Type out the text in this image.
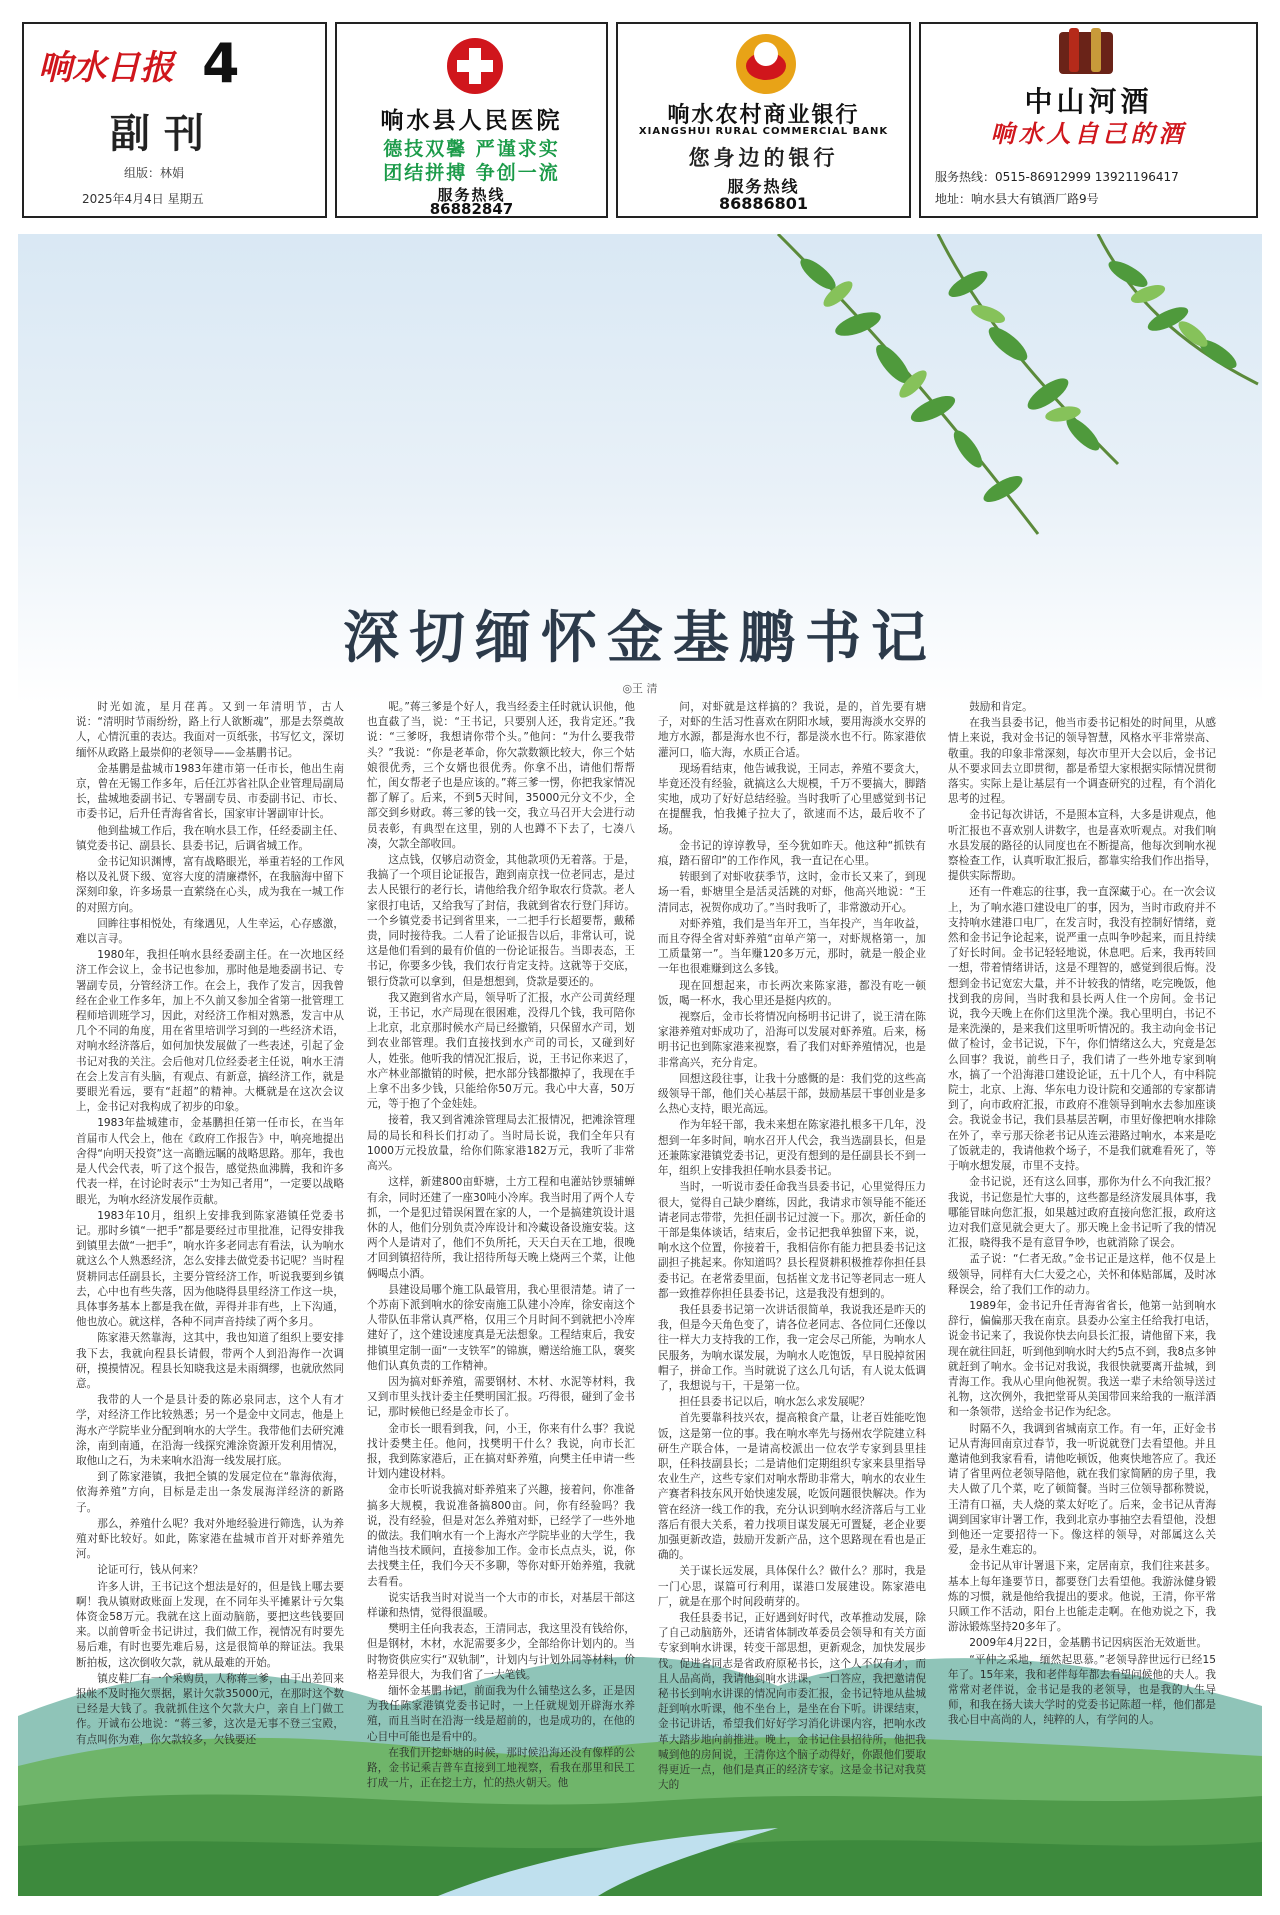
响水日报 4
副刊
组版：林娟
2025年4月4日 星期五
响水县人民医院
德技双馨 严谨求实
团结拼搏 争创一流
服务热线
86882847
响水农村商业银行
XIANGSHUI RURAL COMMERCIAL BANK
您身边的银行
服务热线
86886801
中山河酒
响水人自己的酒
服务热线：0515-86912999 13921196417
地址：响水县大有镇酒厂路9号
深切缅怀金基鹏书记
◎王 清

时光如流，星月荏苒。又到一年清明节，古人说：“清明时节雨纷纷，路上行人欲断魂”，那是去祭奠故人，心情沉重的表达。我面对一页纸张，书写忆文，深切缅怀从政路上最崇仰的老领导——金基鹏书记。

金基鹏是盐城市1983年建市第一任市长，他出生南京，曾在无锡工作多年，后任江苏省社队企业管理局副局长，盐城地委副书记、专署副专员、市委副书记、市长、市委书记，后升任青海省省长，国家审计署副审计长。

他到盐城工作后，我在响水县工作，任经委副主任、镇党委书记、副县长、县委书记，后调省城工作。

金书记知识渊博，富有战略眼光，举重若轻的工作风格以及礼贤下级、宽容大度的清廉襟怀，在我脑海中留下深刻印象，许多场景一直萦绕在心头，成为我在一城工作的对照方向。

回眸往事相悦处，有缘遇见，人生幸运，心存感激，难以言寻。

1980年，我担任响水县经委副主任。在一次地区经济工作会议上，金书记也参加，那时他是地委副书记、专署副专员，分管经济工作。在会上，我作了发言，因我曾经在企业工作多年，加上不久前又参加全省第一批管理工程师培训班学习，因此，对经济工作相对熟悉，发言中从几个不同的角度，用在省里培训学习到的一些经济术语，对响水经济落后，如何加快发展做了一些表述，引起了金书记对我的关注。会后他对几位经委老主任说，响水王清在会上发言有头脑，有观点、有新意，搞经济工作，就是要眼光看远，要有“赶超”的精神。大概就是在这次会议上，金书记对我构成了初步的印象。

1983年盐城建市，金基鹏担任第一任市长，在当年首届市人代会上，他在《政府工作报告》中，响亮地提出舍得“向明天投资”这一高瞻远瞩的战略思路。那年，我也是人代会代表，听了这个报告，感觉热血沸腾，我和许多代表一样，在讨论时表示“士为知己者用”，一定要以战略眼光，为响水经济发展作贡献。

1983年10月，组织上安排我到陈家港镇任党委书记。那时乡镇“一把手”都是要经过市里批准，记得安排我到镇里去做“一把手”，响水许多老同志有看法，认为响水就这么个人熟悉经济，怎么安排去做党委书记呢？当时程贤耕同志任副县长，主要分管经济工作，听说我要到乡镇去，心中也有些失落，因为他晓得县里经济工作这一块，具体事务基本上都是我在做，弄得并非有些，上下沟通，他也放心。就这样，各种不同声音持续了两个多月。

陈家港天然靠海，这其中，我也知道了组织上要安排我下去，我就向程县长请假，带两个人到沿海作一次调研，摸摸情况。程县长知晓我这是未雨绸缪，也就欣然同意。

我带的人一个是县计委的陈必泉同志，这个人有才学，对经济工作比较熟悉；另一个是金中文同志，他是上海水产学院毕业分配到响水的大学生。我带他们去研究滩涂，南到南通，在沿海一线探究滩涂资源开发利用情况，取他山之石，为未来响水沿海一线发展打底。

到了陈家港镇，我把全镇的发展定位在“靠海依海，依海养殖”方向，目标是走出一条发展海洋经济的新路子。

那么，养殖什么呢？我对外地经验进行筛选，认为养殖对虾比较好。如此，陈家港在盐城市首开对虾养殖先河。

论证可行，钱从何来？

许多人讲，王书记这个想法是好的，但是钱上哪去要啊！我从镇财政账面上发现，在不同年头平摊累计亏欠集体资金58万元。我就在这上面动脑筋，要把这些钱要回来。以前曾听金书记讲过，我们做工作，视情况有时要先易后难，有时也要先难后易，这是很简单的辩证法。我果断拍板，这次倒收欠款，就从最难的开始。

镇皮鞋厂有一个采购员，人称蒋三爹，由于出差回来报帐不及时拖欠票据，累计欠款35000元，在那时这个数已经是大钱了。我就抓住这个欠款大户，亲自上门做工作。开诚布公地说：“蒋三爹，这次是无事不登三宝殿，有点叫你为难，你欠款较多，欠钱要还

呢。”蒋三爹是个好人，我当经委主任时就认识他，他也直截了当，说：“王书记，只要别人还，我肯定还。”我说：“三爹呀，我想请你带个头。”他问：“为什么要我带头？”我说：“你是老革命，你欠款数额比较大，你三个姑娘很优秀，三个女婿也很优秀。你拿不出，请他们帮帮忙，闺女帮老子也是应该的。”蒋三爹一愣，你把我家情况都了解了。后来，不到5天时间，35000元分文不少，全部交到乡财政。蒋三爹的钱一交，我立马召开大会进行动员表彰，有典型在这里，别的人也蹲不下去了，七凑八凑，欠款全部收回。

这点钱，仅够启动资金，其他款项仍无着落。于是，我搞了一个项目论证报告，跑到南京找一位老同志，是过去人民银行的老行长，请他给我介绍争取农行贷款。老人家很打电话，又给我写了封信，我就到省农行登门拜访。一个乡镇党委书记到省里来，一二把手行长超要帮，戴稀贵，同时接待我。二人看了论证报告以后，非常认可，说这是他们看到的最有价值的一份论证报告。当即表态，王书记，你要多少钱，我们农行肯定支持。这就等于交底，银行贷款可以拿到，但是想想到，贷款是要还的。

我又跑到省水产局，领导听了汇报，水产公司黄经理说，王书记，水产局现在很困难，没得几个钱，我可陪你上北京，北京那时候水产局已经撤销，只保留水产司，划到农业部管理。我们直接找到水产司的司长，又碰到好人，姓张。他听我的情况汇报后，说，王书记你来迟了，水产林业部撤销的时候，把水部分钱都撒掉了，我现在手上拿不出多少钱，只能给你50万元。我心中大喜，50万元，等于抱了个金娃娃。

接着，我又到省滩涂管理局去汇报情况，把滩涂管理局的局长和科长们打动了。当时局长说，我们全年只有1000万元投放量，给你们陈家港182万元，我听了非常高兴。

这样，新建800亩虾塘，土方工程和电灌站钞票辅蝉有余，同时还建了一座30吨小冷库。我当时用了两个人专抓，一个是犯过错误闲置在家的人，一个是搞建筑设计退休的人，他们分别负责冷库设计和冷藏设备设施安装。这两个人是请对了，他们不负所托，天天白天在工地，很晚才回到镇招待所，我让招待所每天晚上烧两三个菜，让他俩喝点小酒。

县建设局哪个施工队最管用，我心里很清楚。请了一个苏南下派到响水的徐安南施工队建小冷库，徐安南这个人带队伍非常认真严格，仅用三个月时间不到就把小冷库建好了，这个建设速度真是无法想象。工程结束后，我安排镇里定制一面“一支铁军”的锦旗，赠送给施工队，褒奖他们认真负责的工作精神。

因为搞对虾养殖，需要钢材、木材、水泥等材料，我又到市里头找计委主任樊明国汇报。巧得很，碰到了金书记，那时候他已经是金市长了。

金市长一眼看到我，问，小王，你来有什么事？我说找计委樊主任。他问，找樊明干什么？我说，向市长汇报，我到陈家港后，正在搞对虾养殖，向樊主任申请一些计划内建设材料。

金市长听说我搞对虾养殖来了兴趣，接着问，你准备搞多大规模，我说准备搞800亩。问，你有经验吗？我说，没有经验，但是对怎么养殖对虾，已经学了一些外地的做法。我们响水有一个上海水产学院毕业的大学生，我请他当技术顾问，直接参加工作。金市长点点头，说，你去找樊主任，我们今天不多聊，等你对虾开始养殖，我就去看看。

说实话我当时对说当一个大市的市长，对基层干部这样谦和热情，觉得很温暖。

樊明主任向我表态，王清同志，我这里没有钱给你，但是钢材，木材，水泥需要多少，全部给你计划内的。当时物资供应实行“双轨制”，计划内与计划外同等材料，价格差异很大，为我们省了一大笔钱。

缅怀金基鹏书记，前面我为什么铺垫这么多，正是因为我任陈家港镇党委书记时，一上任就规划开辟海水养殖，而且当时在沿海一线是超前的，也是成功的，在他的心目中可能也是看中的。

在我们开挖虾塘的时候，那时候沿海还没有像样的公路，金书记乘吉普车直接到工地视察，看我在那里和民工打成一片，正在挖土方，忙的热火朝天。他

问，对虾就是这样搞的？我说，是的，首先要有塘子，对虾的生活习性喜欢在阴阳水域，要用海淡水交界的地方水源，都是海水也不行，都是淡水也不行。陈家港依灌河口，临大海，水质正合适。

现场看结束，他告诫我说，王同志，养殖不要贪大，毕竟还没有经验，就搞这么大规模，千万不要搞大，脚踏实地，成功了好好总结经验。当时我听了心里感觉到书记在提醒我，怕我摊子拉大了，欲速而不达，最后收不了场。

金书记的谆谆教导，至今犹如昨天。他这种“抓铁有痕，踏石留印”的工作作风，我一直记在心里。

转眼到了对虾收获季节，这时，金市长又来了，到现场一看，虾塘里全是活灵活跳的对虾，他高兴地说：“王清同志，祝贺你成功了。”当时我听了，非常激动开心。

对虾养殖，我们是当年开工，当年投产，当年收益，而且夺得全省对虾养殖“亩单产第一，对虾规格第一，加工质量第一”。当年赚120多万元，那时，就是一般企业一年也很难赚到这么多钱。

现在回想起来，市长两次来陈家港，都没有吃一顿饭，喝一杯水，我心里还是挺内疚的。

视察后，金市长将情况向杨明书记讲了，说王清在陈家港养殖对虾成功了，沿海可以发展对虾养殖。后来，杨明书记也到陈家港来视察，看了我们对虾养殖情况，也是非常高兴，充分肯定。

回想这段往事，让我十分感慨的是：我们党的这些高级领导干部，他们关心基层干部，鼓励基层干事创业是多么热心支持，眼光高远。

作为年轻干部，我未来想在陈家港扎根多干几年，没想到一年多时间，响水召开人代会，我当选副县长，但是还兼陈家港镇党委书记，更没有想到的是任副县长不到一年，组织上安排我担任响水县委书记。

当时，一听说市委任命我当县委书记，心里觉得压力很大，觉得自己缺少磨练，因此，我请求市领导能不能还请老同志带带，先担任副书记过渡一下。那次，新任命的干部是集体谈话，结束后，金书记把我单独留下来，说，响水这个位置，你接着干，我相信你有能力把县委书记这副担子挑起来。你知道吗？县长程贤耕积极推荐你担任县委书记。在老常委里面，包括崔文龙书记等老同志一班人都一致推荐你担任县委书记，这是我没有想到的。

我任县委书记第一次讲话很简单，我说我还是昨天的我，但是今天角色变了，请各位老同志、各位同仁还像以往一样大力支持我的工作，我一定会尽己所能，为响水人民服务，为响水谋发展，为响水人吃饱饭，早日脱掉贫困帽子，拼命工作。当时就说了这么几句话，有人说太低调了，我想说与干，干是第一位。

担任县委书记以后，响水怎么求发展呢？

首先要靠科技兴农，提高粮食产量，让老百姓能吃饱饭，这是第一位的事。我在响水率先与扬州农学院建立科研生产联合体，一是请高校派出一位农学专家到县里挂职，任科技副县长；二是请他们定期组织专家来县里指导农业生产，这些专家们对响水帮助非常大，响水的农业生产赛者科技东风开始快速发展，吃饭问题很快解决。作为管在经济一线工作的我，充分认识到响水经济落后与工业落后有很大关系，着力找项目谋发展无可置疑，老企业要加强更新改造，鼓励开发新产品，这个思路现在看也是正确的。

关于谋长远发展，具体保什么？做什么？那时，我是一门心思，谋篇可行利用，谋港口发展建设。陈家港电厂，就是在那个时间段萌芽的。

我任县委书记，正好遇到好时代，改革推动发展，除了自己动脑筋外，还请省体制改革委员会领导和有关方面专家到响水讲课，转变干部思想，更新观念，加快发展步伐。促进省同志是省政府原秘书长，这个人不仅有才，而且人品高尚，我请他到响水讲课，一口答应，我把邀请倪秘书长到响水讲课的情况向市委汇报，金书记特地从盐城赶到响水听课，他不坐台上，是坐在台下听。讲课结束，金书记讲话，希望我们好好学习消化讲课内容，把响水改革大踏步地向前推进。晚上，金书记住县招待所，他把我喊到他的房间说，王清你这个脑子动得好，你跟他们要取得更近一点，他们是真正的经济专家。这是金书记对我莫大的

鼓励和肯定。

在我当县委书记，他当市委书记相处的时间里，从感情上来说，我对金书记的领导智慧，风格水平非常崇高、敬重。我的印象非常深刻，每次市里开大会以后，金书记从不要求回去立即贯彻，都是希望大家根据实际情况贯彻落实。实际上是让基层有一个调查研究的过程，有个消化思考的过程。

金书记每次讲话，不是照本宣科，大多是讲观点，他听汇报也不喜欢别人讲数字，也是喜欢听观点。对我们响水县发展的路径的认同度也在不断提高，他每次到响水视察检查工作，认真听取汇报后，都靠实给我们作出指导，提供实际帮助。

还有一件难忘的往事，我一直深藏于心。在一次会议上，为了响水港口建设电厂的事，因为，当时市政府并不支持响水建港口电厂，在发言时，我没有控制好情绪，竟然和金书记争论起来，说严重一点叫争吵起来，而且持续了好长时间。金书记轻轻地说，休息吧。后来，我再转回一想，带着情绪讲话，这是不理智的，感觉到很后悔。没想到金书记宽宏大量，并不计较我的情绪，吃完晚饭，他找到我的房间，当时我和县长两人住一个房间。金书记说，我今天晚上在你们这里洗个澡。我心里明白，书记不是来洗澡的，是来我们这里听听情况的。我主动向金书记做了检讨，金书记说，下午，你们情绪这么大，究竟是怎么回事？我说，前些日子，我们请了一些外地专家到响水，搞了一个沿海港口建设论证，五十几个人，有中科院院士，北京、上海、华东电力设计院和交通部的专家都请到了，向市政府汇报，市政府不准领导到响水去参加座谈会。我说金书记，我们县基层苦啊，市里好像把响水排除在外了，幸亏那天徐老书记从连云港路过响水，本来是吃了饭就走的，我请他救个场子，不是我们就难看死了，等于响水想发展，市里不支持。

金书记说，还有这么回事，那你为什么不向我汇报？我说，书记您是忙大事的，这些都是经济发展具体事，我哪能冒昧向您汇报，如果越过政府直接向您汇报，政府这边对我们意见就会更大了。那天晚上金书记听了我的情况汇报，晓得我不是有意冒争吵，也就消除了误会。

孟子说：“仁者无敌。”金书记正是这样，他不仅是上级领导，同样有大仁大爱之心，关怀和体贴部属，及时冰释误会，给了我们工作的动力。

1989年，金书记升任青海省省长，他第一站到响水辞行，偏偏那天我在南京。县委办公室主任给我打电话，说金书记来了，我说你快去向县长汇报，请他留下来，我现在就往回赶，听到他到响水时大约5点不到，我8点多钟就赶到了响水。金书记对我说，我很快就要离开盐城，到青海工作。我从心里向他祝贺。我送一辈子未给领导送过礼物，这次例外，我把堂哥从美国带回来给我的一瓶洋酒和一条领带，送给金书记作为纪念。

时隔不久，我调到省城南京工作。有一年，正好金书记从青海回南京过春节，我一听说就登门去看望他。并且邀请他到我家看看，请他吃顿饭，他爽快地答应了。我还请了省里两位老领导陪他，就在我们家简陋的房子里，我夫人做了几个菜，吃了顿简餐。当时三位领导都称赞说，王清有口福，夫人烧的菜太好吃了。后来，金书记从青海调到国家审计署工作，我到北京办事抽空去看望他，没想到他还一定要招待一下。像这样的领导，对部属这么关爱，是永生难忘的。

金书记从审计署退下来，定居南京，我们往来甚多。基本上每年逢要节日，都要登门去看望他。我游泳健身锻炼的习惯，就是他给我提出的要求。他说，王清，你平常只顾工作不活动，阳台上也能走走啊。在他劝说之下，我游泳锻炼坚持20多年了。

2009年4月22日，金基鹏书记因病医治无效逝世。

“平仲之采地，缅然起思慕。”老领导辞世远行已经15年了。15年来，我和老伴每年都去看望问候他的夫人。我常常对老伴说，金书记是我的老领导，也是我的人生导师，和我在扬大读大学时的党委书记陈超一样，他们都是我心目中高尚的人，纯粹的人，有学问的人。
